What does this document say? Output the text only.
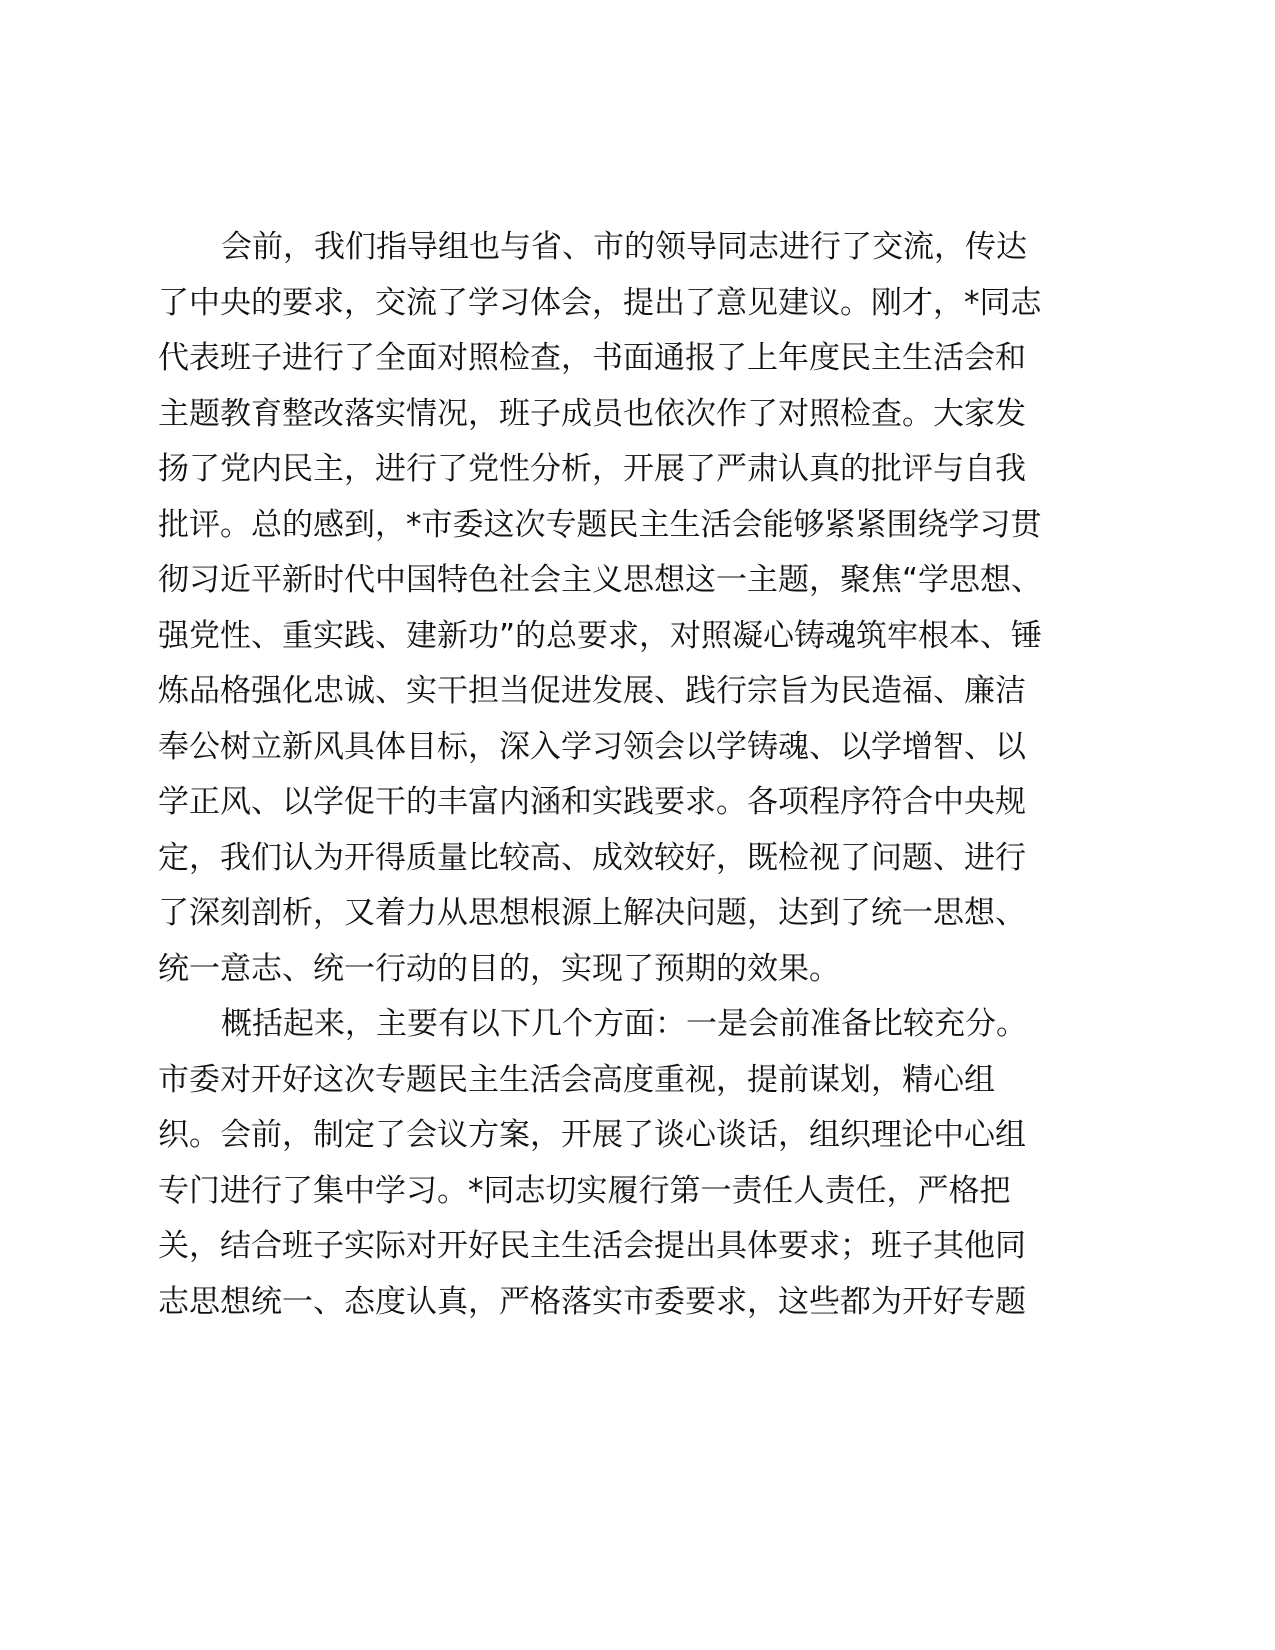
会前，我们指导组也与省、市的领导同志进行了交流，传达
了中央的要求，交流了学习体会，提出了意见建议。刚才，*同志
代表班子进行了全面对照检查，书面通报了上年度民主生活会和
主题教育整改落实情况，班子成员也依次作了对照检查。大家发
扬了党内民主，进行了党性分析，开展了严肃认真的批评与自我
批评。总的感到，*市委这次专题民主生活会能够紧紧围绕学习贯
彻习近平新时代中国特色社会主义思想这一主题，聚焦“学思想、
强党性、重实践、建新功”的总要求，对照凝心铸魂筑牢根本、锤
炼品格强化忠诚、实干担当促进发展、践行宗旨为民造福、廉洁
奉公树立新风具体目标，深入学习领会以学铸魂、以学增智、以
学正风、以学促干的丰富内涵和实践要求。各项程序符合中央规
定，我们认为开得质量比较高、成效较好，既检视了问题、进行
了深刻剖析，又着力从思想根源上解决问题，达到了统一思想、
统一意志、统一行动的目的，实现了预期的效果。
概括起来，主要有以下几个方面：一是会前准备比较充分。
市委对开好这次专题民主生活会高度重视，提前谋划，精心组
织。会前，制定了会议方案，开展了谈心谈话，组织理论中心组
专门进行了集中学习。*同志切实履行第一责任人责任，严格把
关，结合班子实际对开好民主生活会提出具体要求；班子其他同
志思想统一、态度认真，严格落实市委要求，这些都为开好专题
